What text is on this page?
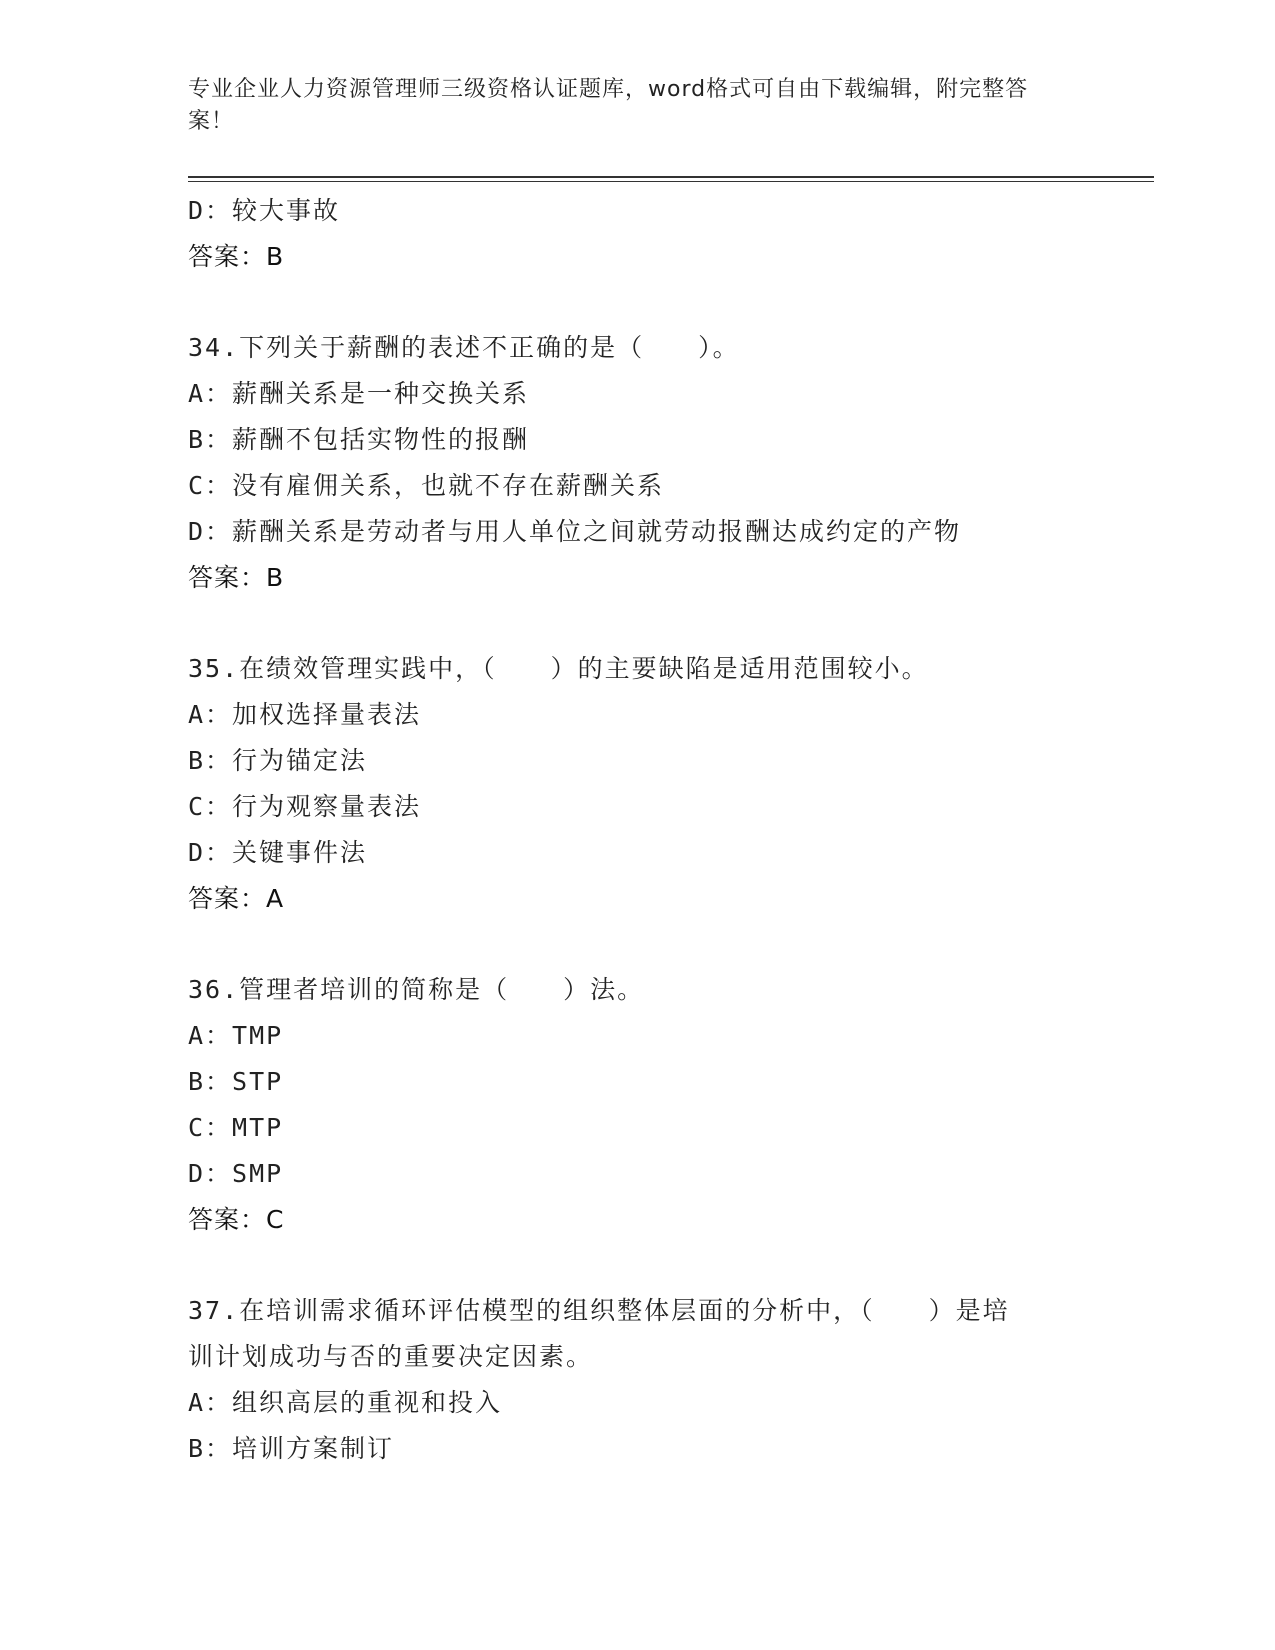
专业企业人力资源管理师三级资格认证题库，word格式可自由下载编辑，附完整答案！
D：较大事故
答案：B
34.下列关于薪酬的表述不正确的是（　　）。
A：薪酬关系是一种交换关系
B：薪酬不包括实物性的报酬
C：没有雇佣关系，也就不存在薪酬关系
D：薪酬关系是劳动者与用人单位之间就劳动报酬达成约定的产物
答案：B
35.在绩效管理实践中，（　　）的主要缺陷是适用范围较小。
A：加权选择量表法
B：行为锚定法
C：行为观察量表法
D：关键事件法
答案：A
36.管理者培训的简称是（　　）法。
A：TMP
B：STP
C：MTP
D：SMP
答案：C
37.在培训需求循环评估模型的组织整体层面的分析中，（　　）是培
训计划成功与否的重要决定因素。
A：组织高层的重视和投入
B：培训方案制订
